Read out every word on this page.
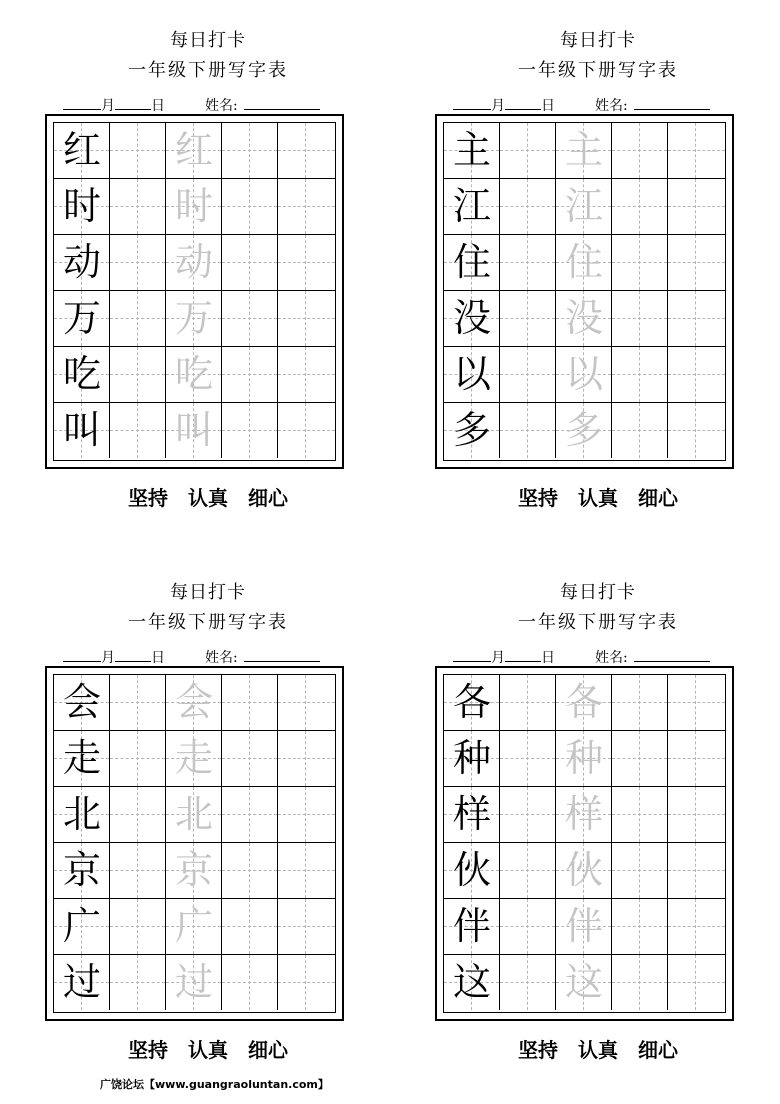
每日打卡
一年级下册写字表
月	日	姓名:
红 红
时 时
动 动
万 万
吃 吃
叫 叫
坚持 认真 细心
每日打卡
一年级下册写字表
月	日	姓名:
主 主
江 江
住 住
没 没
以 以
多 多
坚持 认真 细心
每日打卡
一年级下册写字表
月	日	姓名:
会 会
走 走
北 北
京 京
广 广
过 过
坚持 认真 细心
每日打卡
一年级下册写字表
月	日	姓名:
各 各
种 种
样 样
伙 伙
伴 伴
这 这
坚持 认真 细心
广饶论坛【www.guangraoluntan.com】
